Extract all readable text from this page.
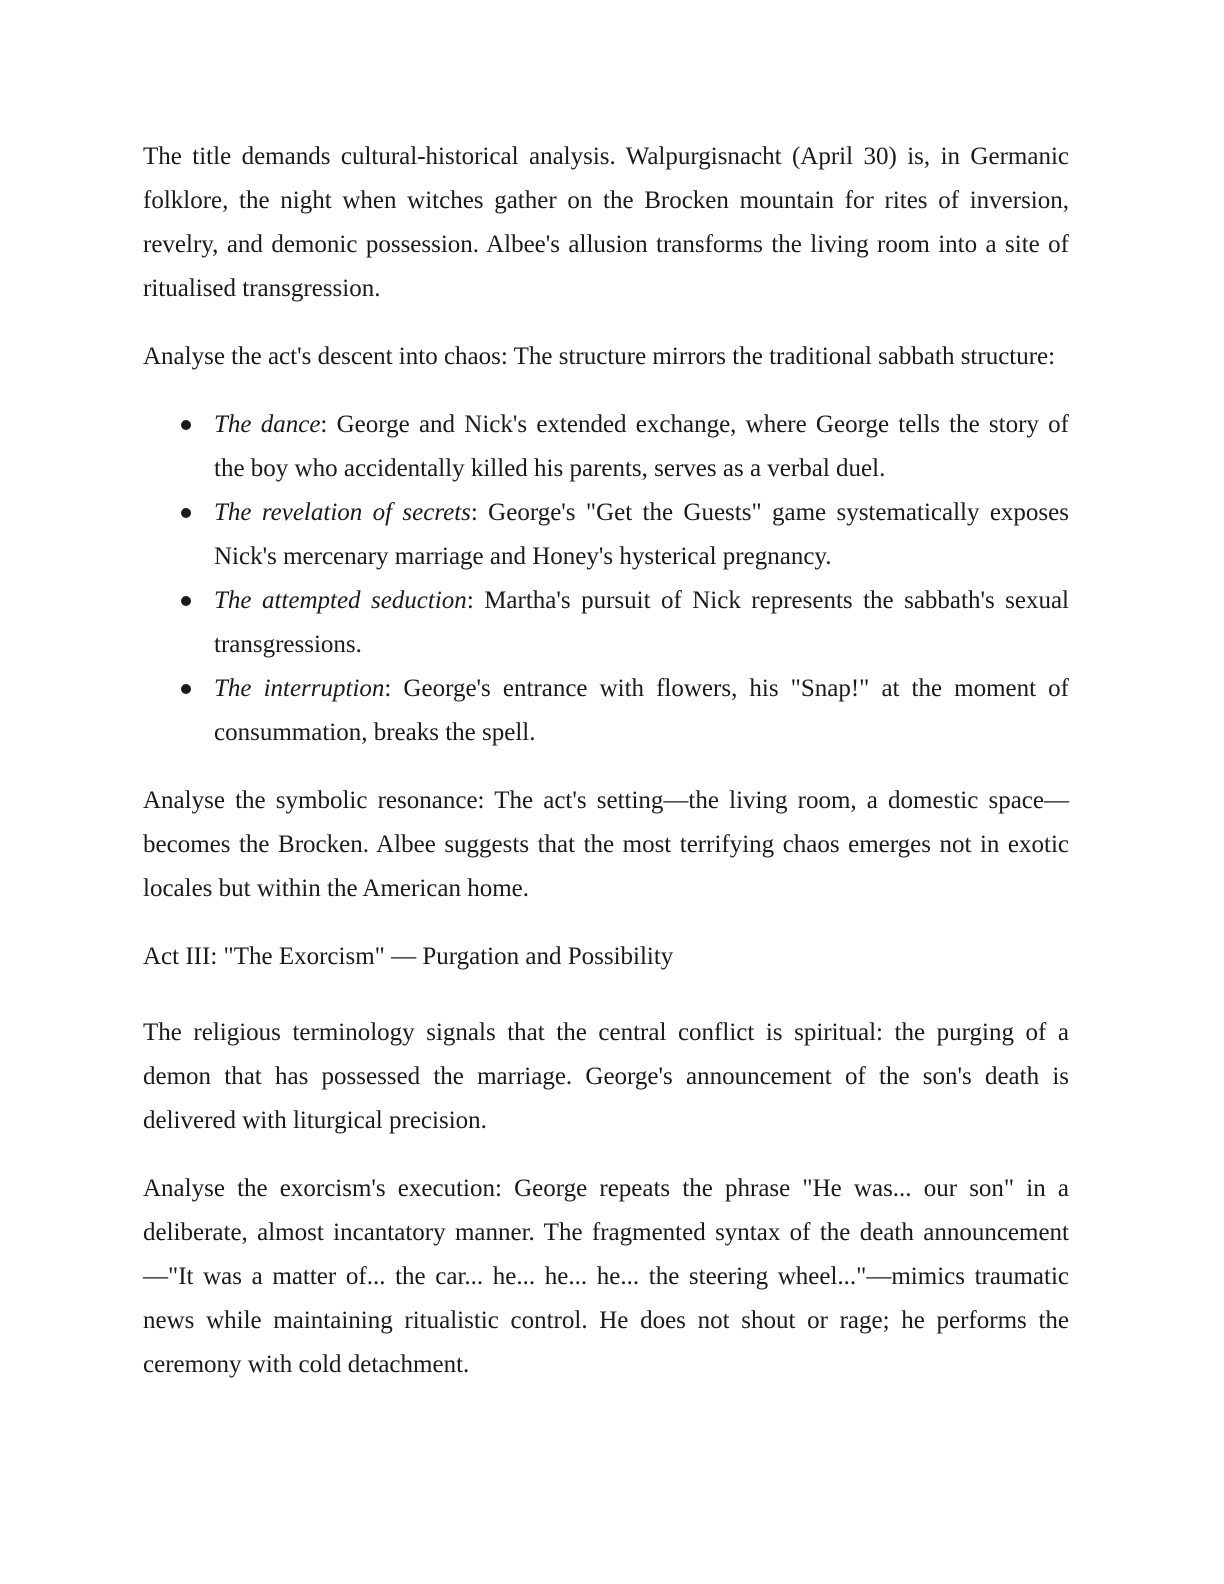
The title demands cultural-historical analysis. Walpurgisnacht (April 30) is, in Germanic folklore, the night when witches gather on the Brocken mountain for rites of inversion, revelry, and demonic possession. Albee's allusion transforms the living room into a site of ritualised transgression.

Analyse the act's descent into chaos: The structure mirrors the traditional sabbath structure:

The dance: George and Nick's extended exchange, where George tells the story of the boy who accidentally killed his parents, serves as a verbal duel.
The revelation of secrets: George's "Get the Guests" game systematically exposes Nick's mercenary marriage and Honey's hysterical pregnancy.
The attempted seduction: Martha's pursuit of Nick represents the sabbath's sexual transgressions.
The interruption: George's entrance with flowers, his "Snap!" at the moment of consummation, breaks the spell.

Analyse the symbolic resonance: The act's setting—the living room, a domestic space—becomes the Brocken. Albee suggests that the most terrifying chaos emerges not in exotic locales but within the American home.

Act III: "The Exorcism" — Purgation and Possibility

The religious terminology signals that the central conflict is spiritual: the purging of a demon that has possessed the marriage. George's announcement of the son's death is delivered with liturgical precision.

Analyse the exorcism's execution: George repeats the phrase "He was... our son" in a deliberate, almost incantatory manner. The fragmented syntax of the death announcement—"It was a matter of... the car... he... he... he... the steering wheel..."—mimics traumatic news while maintaining ritualistic control. He does not shout or rage; he performs the ceremony with cold detachment.
